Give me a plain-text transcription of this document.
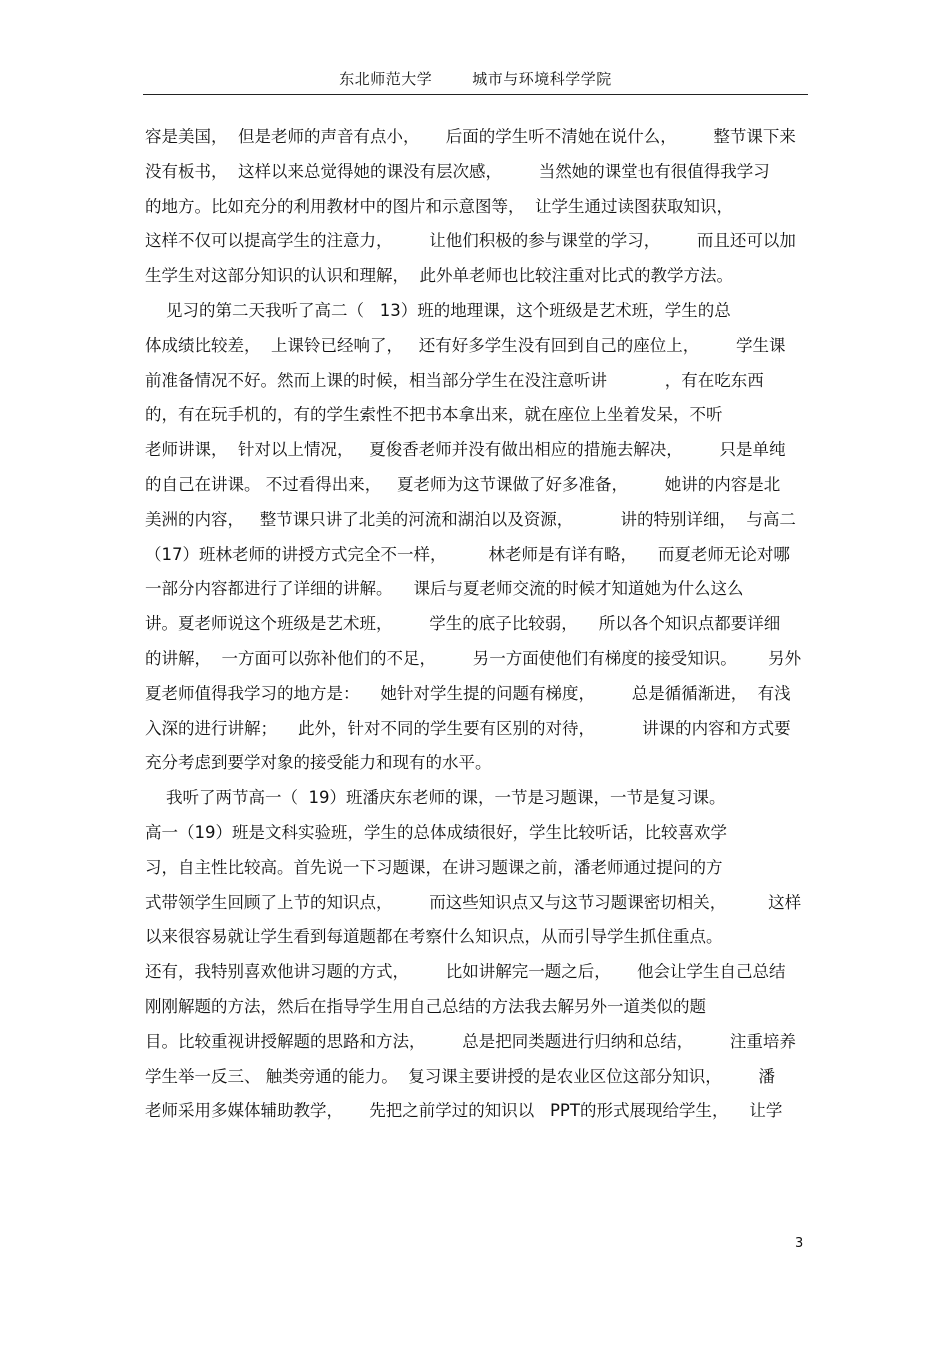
东北师范大学	城市与环境科学学院
容是美国，  但是老师的声音有点小，     后面的学生听不清她在说什么，       整节课下来
没有板书，  这样以来总觉得她的课没有层次感，       当然她的课堂也有很值得我学习
的地方。比如充分的利用教材中的图片和示意图等，  让学生通过读图获取知识，
这样不仅可以提高学生的注意力，       让他们积极的参与课堂的学习，       而且还可以加
生学生对这部分知识的认识和理解，  此外单老师也比较注重对比式的教学方法。
见习的第二天我听了高二（   13）班的地理课，这个班级是艺术班，学生的总
体成绩比较差，  上课铃已经响了，   还有好多学生没有回到自己的座位上，       学生课
前准备情况不好。然而上课的时候，相当部分学生在没注意听讲           ，有在吃东西
的，有在玩手机的，有的学生索性不把书本拿出来，就在座位上坐着发呆，不听
老师讲课，  针对以上情况，   夏俊香老师并没有做出相应的措施去解决，       只是单纯
的自己在讲课。 不过看得出来，   夏老师为这节课做了好多准备，       她讲的内容是北
美洲的内容，   整节课只讲了北美的河流和湖泊以及资源，         讲的特别详细，  与高二
（17）班林老师的讲授方式完全不一样，        林老师是有详有略，    而夏老师无论对哪
一部分内容都进行了详细的讲解。    课后与夏老师交流的时候才知道她为什么这么
讲。夏老师说这个班级是艺术班，       学生的底子比较弱，    所以各个知识点都要详细
的讲解，  一方面可以弥补他们的不足，       另一方面使他们有梯度的接受知识。      另外
夏老师值得我学习的地方是：    她针对学生提的问题有梯度，       总是循循渐进，  有浅
入深的进行讲解；    此外，针对不同的学生要有区别的对待，         讲课的内容和方式要
充分考虑到要学对象的接受能力和现有的水平。
我听了两节高一（  19）班潘庆东老师的课，一节是习题课，一节是复习课。
高一（19）班是文科实验班，学生的总体成绩很好，学生比较听话，比较喜欢学
习，自主性比较高。首先说一下习题课，在讲习题课之前，潘老师通过提问的方
式带领学生回顾了上节的知识点，       而这些知识点又与这节习题课密切相关，        这样
以来很容易就让学生看到每道题都在考察什么知识点，从而引导学生抓住重点。
还有，我特别喜欢他讲习题的方式，       比如讲解完一题之后，     他会让学生自己总结
刚刚解题的方法，然后在指导学生用自己总结的方法我去解另外一道类似的题
目。比较重视讲授解题的思路和方法，       总是把同类题进行归纳和总结，       注重培养
学生举一反三、 触类旁通的能力。  复习课主要讲授的是农业区位这部分知识，       潘
老师采用多媒体辅助教学，     先把之前学过的知识以   PPT的形式展现给学生，    让学
3
